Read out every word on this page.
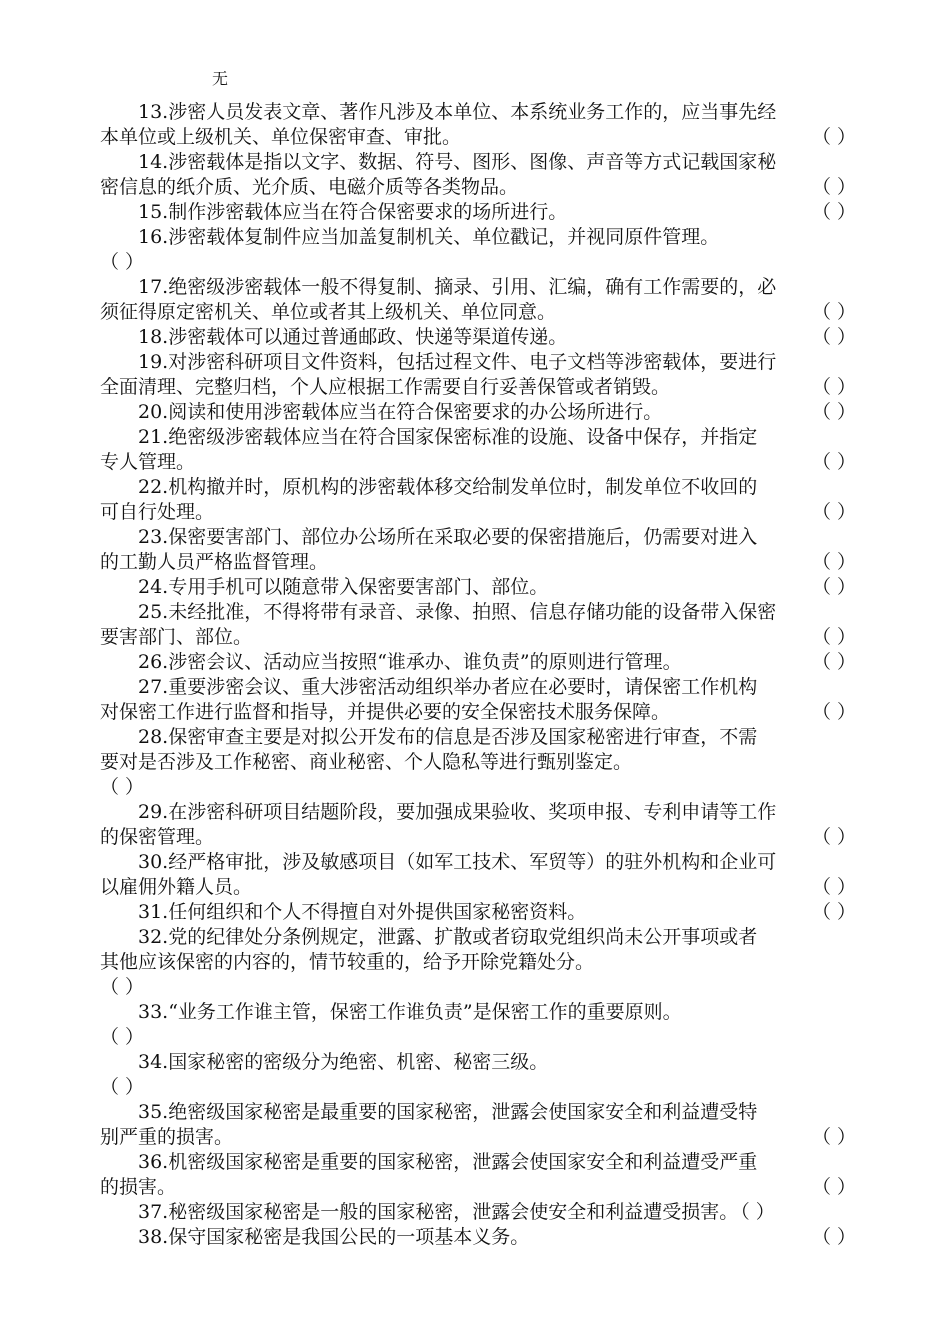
无
13.涉密人员发表文章、著作凡涉及本单位、本系统业务工作的，应当事先经
本单位或上级机关、单位保密审查、审批。	（ ）
14.涉密载体是指以文字、数据、符号、图形、图像、声音等方式记载国家秘
密信息的纸介质、光介质、电磁介质等各类物品。	（ ）
15.制作涉密载体应当在符合保密要求的场所进行。	（ ）
16.涉密载体复制件应当加盖复制机关、单位戳记，并视同原件管理。
（ ）
17.绝密级涉密载体一般不得复制、摘录、引用、汇编，确有工作需要的，必
须征得原定密机关、单位或者其上级机关、单位同意。	（ ）
18.涉密载体可以通过普通邮政、快递等渠道传递。	（ ）
19.对涉密科研项目文件资料，包括过程文件、电子文档等涉密载体，要进行
全面清理、完整归档，个人应根据工作需要自行妥善保管或者销毁。	（ ）
20.阅读和使用涉密载体应当在符合保密要求的办公场所进行。	（ ）
21.绝密级涉密载体应当在符合国家保密标准的设施、设备中保存，并指定
专人管理。	（ ）
22.机构撤并时，原机构的涉密载体移交给制发单位时，制发单位不收回的
可自行处理。	（ ）
23.保密要害部门、部位办公场所在采取必要的保密措施后，仍需要对进入
的工勤人员严格监督管理。	（ ）
24.专用手机可以随意带入保密要害部门、部位。	（ ）
25.未经批准，不得将带有录音、录像、拍照、信息存储功能的设备带入保密
要害部门、部位。	（ ）
26.涉密会议、活动应当按照“谁承办、谁负责”的原则进行管理。	（ ）
27.重要涉密会议、重大涉密活动组织举办者应在必要时，请保密工作机构
对保密工作进行监督和指导，并提供必要的安全保密技术服务保障。	（ ）
28.保密审查主要是对拟公开发布的信息是否涉及国家秘密进行审查，不需
要对是否涉及工作秘密、商业秘密、个人隐私等进行甄别鉴定。
（ ）
29.在涉密科研项目结题阶段，要加强成果验收、奖项申报、专利申请等工作
的保密管理。	（ ）
30.经严格审批，涉及敏感项目（如军工技术、军贸等）的驻外机构和企业可
以雇佣外籍人员。	（ ）
31.任何组织和个人不得擅自对外提供国家秘密资料。	（ ）
32.党的纪律处分条例规定，泄露、扩散或者窃取党组织尚未公开事项或者
其他应该保密的内容的，情节较重的，给予开除党籍处分。
（ ）
33.“业务工作谁主管，保密工作谁负责”是保密工作的重要原则。
（ ）
34.国家秘密的密级分为绝密、机密、秘密三级。
（ ）
35.绝密级国家秘密是最重要的国家秘密，泄露会使国家安全和利益遭受特
别严重的损害。	（ ）
36.机密级国家秘密是重要的国家秘密，泄露会使国家安全和利益遭受严重
的损害。	（ ）
37.秘密级国家秘密是一般的国家秘密，泄露会使安全和利益遭受损害。 （ ）
38.保守国家秘密是我国公民的一项基本义务。	（ ）
